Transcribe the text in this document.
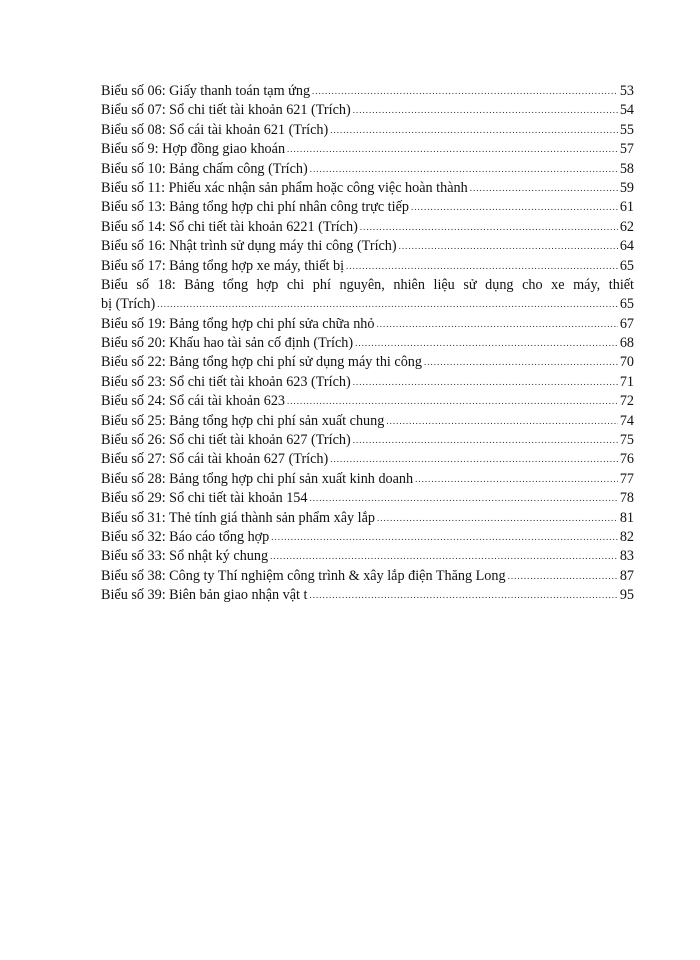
Biểu số 06: Giấy thanh toán tạm ứng .....	53
Biểu số 07: Sổ chi tiết tài khoản 621 (Trích) .....	54
Biểu số 08: Sổ cái tài khoản 621 (Trích) .....	55
Biểu số 9: Hợp đồng giao khoán .....	57
Biểu số 10: Bảng chấm công (Trích) .....	58
Biểu số 11: Phiếu xác nhận sản phẩm hoặc công việc hoàn thành .....	59
Biểu số 13: Bảng tổng hợp chi phí nhân công trực tiếp .....	61
Biểu số 14: Sổ chi tiết tài khoản 6221 (Trích) .....	62
Biểu số 16: Nhật trình sử dụng máy thi công (Trích) .....	64
Biểu số 17: Bảng tổng hợp xe máy, thiết bị .....	65
Biểu số 18: Bảng tổng hợp chi phí nguyên, nhiên liệu sử dụng cho xe máy, thiết
bị (Trích) .....	65
Biểu số 19: Bảng tổng hợp chi phí sửa chữa nhỏ .....	67
Biểu số 20: Khấu hao tài sản cố định (Trích) .....	68
Biểu số 22: Bảng tổng hợp chi phí sử dụng máy thi công .....	70
Biểu số 23: Sổ chi tiết tài khoản 623 (Trích) .....	71
Biểu số 24: Sổ cái tài khoản 623 .....	72
Biểu số 25: Bảng tổng hợp chi phí sản xuất chung .....	74
Biểu số 26: Sổ chi tiết tài khoản 627 (Trích) .....	75
Biểu số 27: Sổ cái tài khoản 627 (Trích) .....	76
Biểu số 28: Bảng tổng hợp chi phí sản xuất kinh doanh .....	77
Biểu số 29: Sổ chi tiết tài khoản 154 .....	78
Biểu số 31: Thẻ tính giá thành sản phẩm xây lắp .....	81
Biểu số 32: Báo cáo tổng hợp .....	82
Biểu số 33: Sổ nhật ký chung .....	83
Biểu số 38: Công ty Thí nghiệm công trình & xây lắp điện Thăng Long .....	87
Biểu số 39: Biên bản giao nhận vật t .....	95
